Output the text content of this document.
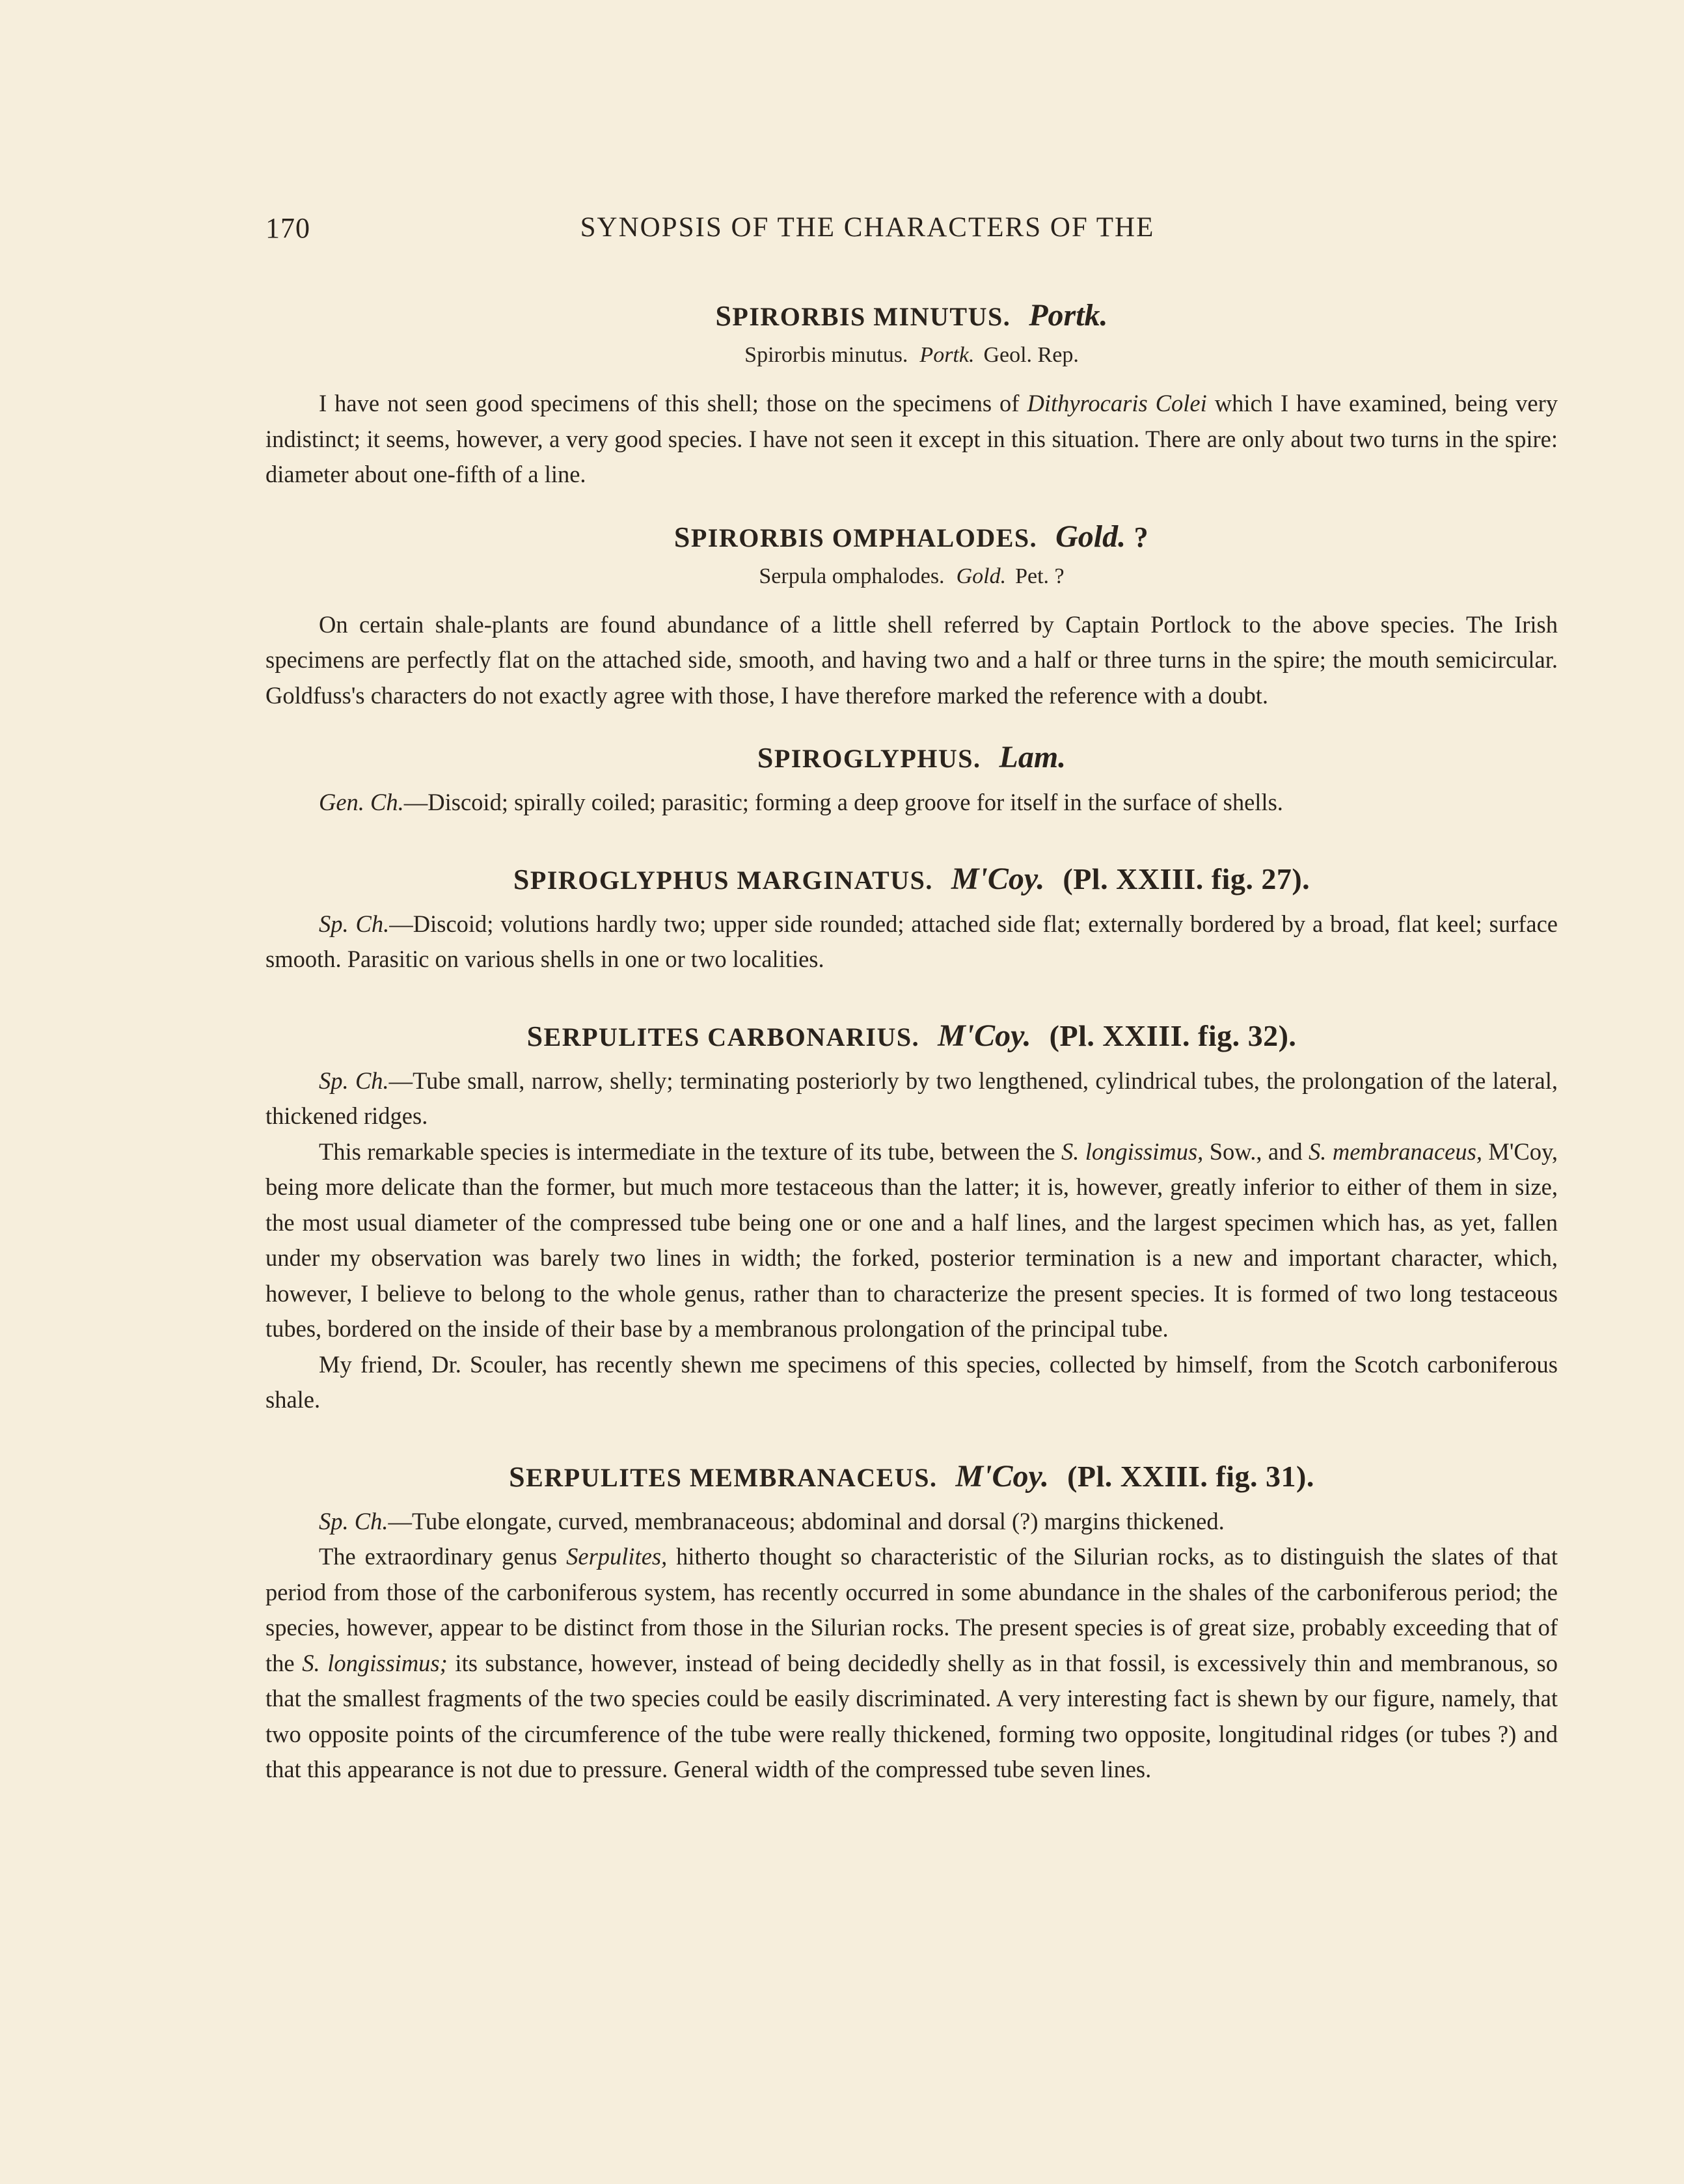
170	SYNOPSIS OF THE CHARACTERS OF THE
SPIRORBIS MINUTUS. Portk.
Spirorbis minutus. Portk. Geol. Rep.

I have not seen good specimens of this shell; those on the specimens of Dithyrocaris Colei which I have examined, being very indistinct; it seems, however, a very good species. I have not seen it except in this situation. There are only about two turns in the spire: diameter about one-fifth of a line.

SPIRORBIS OMPHALODES. Gold. ?
Serpula omphalodes. Gold. Pet. ?

On certain shale-plants are found abundance of a little shell referred by Captain Portlock to the above species. The Irish specimens are perfectly flat on the attached side, smooth, and having two and a half or three turns in the spire; the mouth semicircular. Goldfuss's characters do not exactly agree with those, I have therefore marked the reference with a doubt.

SPIROGLYPHUS. Lam.

Gen. Ch.—Discoid; spirally coiled; parasitic; forming a deep groove for itself in the surface of shells.

SPIROGLYPHUS MARGINATUS. M'Coy. (Pl. XXIII. fig. 27).

Sp. Ch.—Discoid; volutions hardly two; upper side rounded; attached side flat; externally bordered by a broad, flat keel; surface smooth. Parasitic on various shells in one or two localities.

SERPULITES CARBONARIUS. M'Coy. (Pl. XXIII. fig. 32).

Sp. Ch.—Tube small, narrow, shelly; terminating posteriorly by two lengthened, cylindrical tubes, the prolongation of the lateral, thickened ridges.

This remarkable species is intermediate in the texture of its tube, between the S. longissimus, Sow., and S. membranaceus, M'Coy, being more delicate than the former, but much more testaceous than the latter; it is, however, greatly inferior to either of them in size, the most usual diameter of the compressed tube being one or one and a half lines, and the largest specimen which has, as yet, fallen under my observation was barely two lines in width; the forked, posterior termination is a new and important character, which, however, I believe to belong to the whole genus, rather than to characterize the present species. It is formed of two long testaceous tubes, bordered on the inside of their base by a membranous prolongation of the principal tube.

My friend, Dr. Scouler, has recently shewn me specimens of this species, collected by himself, from the Scotch carboniferous shale.

SERPULITES MEMBRANACEUS. M'Coy. (Pl. XXIII. fig. 31).

Sp. Ch.—Tube elongate, curved, membranaceous; abdominal and dorsal (?) margins thickened.

The extraordinary genus Serpulites, hitherto thought so characteristic of the Silurian rocks, as to distinguish the slates of that period from those of the carboniferous system, has recently occurred in some abundance in the shales of the carboniferous period; the species, however, appear to be distinct from those in the Silurian rocks. The present species is of great size, probably exceeding that of the S. longissimus; its substance, however, instead of being decidedly shelly as in that fossil, is excessively thin and membranous, so that the smallest fragments of the two species could be easily discriminated. A very interesting fact is shewn by our figure, namely, that two opposite points of the circumference of the tube were really thickened, forming two opposite, longitudinal ridges (or tubes ?) and that this appearance is not due to pressure. General width of the compressed tube seven lines.
